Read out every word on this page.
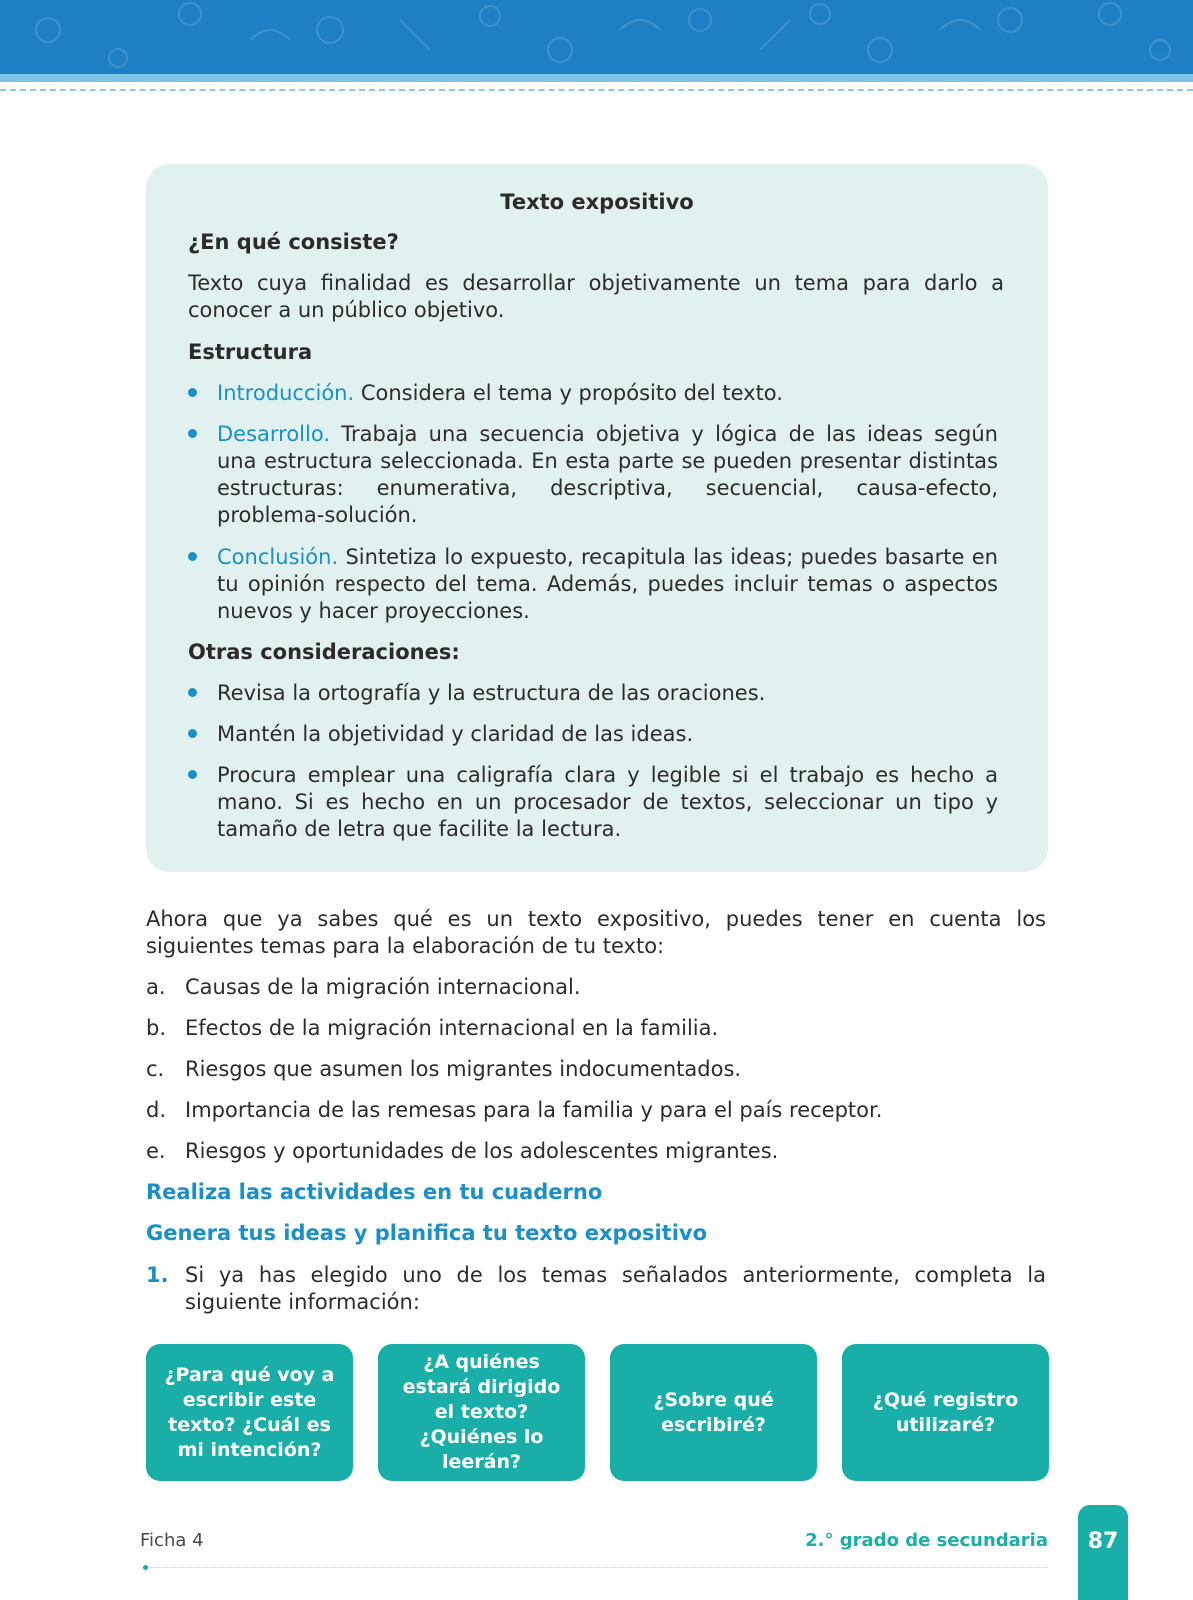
Texto expositivo
¿En qué consiste?
Texto cuya finalidad es desarrollar objetivamente un tema para darlo a conocer a un público objetivo.
Estructura
Introducción. Considera el tema y propósito del texto.
Desarrollo. Trabaja una secuencia objetiva y lógica de las ideas según una estructura seleccionada. En esta parte se pueden presentar distintas estructuras: enumerativa, descriptiva, secuencial, causa-efecto, problema-solución.
Conclusión. Sintetiza lo expuesto, recapitula las ideas; puedes basarte en tu opinión respecto del tema. Además, puedes incluir temas o aspectos nuevos y hacer proyecciones.
Otras consideraciones:
Revisa la ortografía y la estructura de las oraciones.
Mantén la objetividad y claridad de las ideas.
Procura emplear una caligrafía clara y legible si el trabajo es hecho a mano. Si es hecho en un procesador de textos, seleccionar un tipo y tamaño de letra que facilite la lectura.
Ahora que ya sabes qué es un texto expositivo, puedes tener en cuenta los siguientes temas para la elaboración de tu texto:
a. Causas de la migración internacional.
b. Efectos de la migración internacional en la familia.
c. Riesgos que asumen los migrantes indocumentados.
d. Importancia de las remesas para la familia y para el país receptor.
e. Riesgos y oportunidades de los adolescentes migrantes.
Realiza las actividades en tu cuaderno
Genera tus ideas y planifica tu texto expositivo
1. Si ya has elegido uno de los temas señalados anteriormente, completa la siguiente información:
¿Para qué voy a escribir este texto? ¿Cuál es mi intención?
¿A quiénes estará dirigido el texto? ¿Quiénes lo leerán?
¿Sobre qué escribiré?
¿Qué registro utilizaré?
Ficha 4	2.° grado de secundaria	87
